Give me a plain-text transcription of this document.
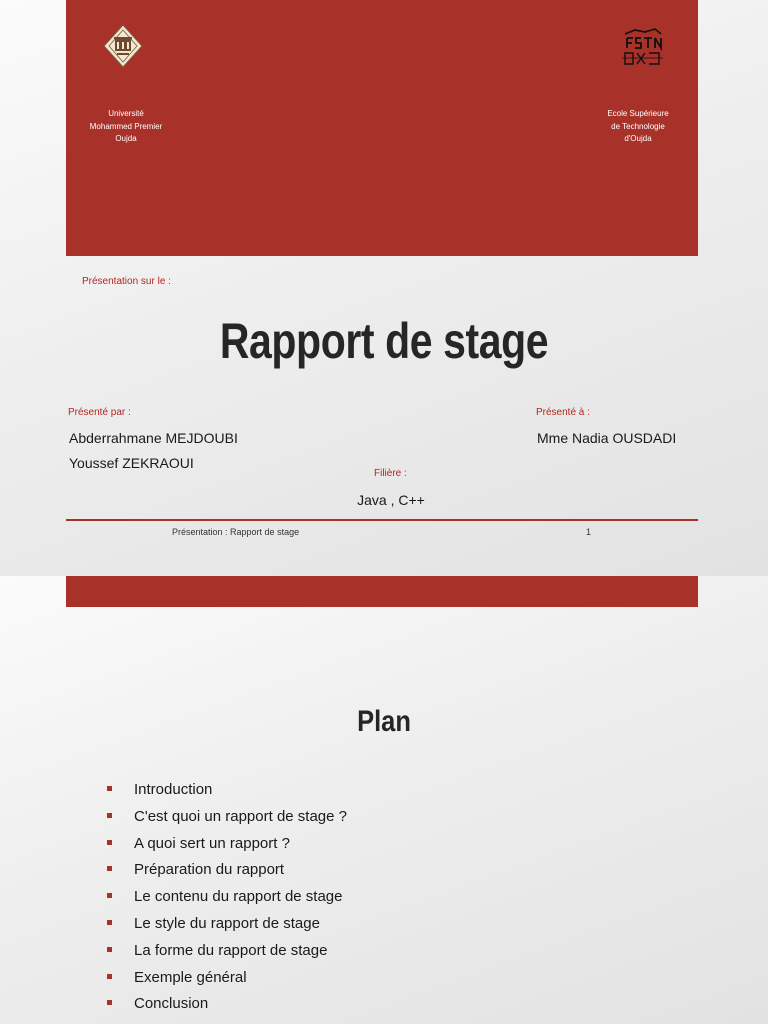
Université
Mohammed Premier
Oujda
Ecole Supérieure
de Technologie
d'Oujda
Présentation sur le :
Rapport de stage
Présenté par :
Abderrahmane MEJDOUBI
Youssef ZEKRAOUI
Présenté à :
Mme Nadia OUSDADI
Filière :
Java , C++
Présentation : Rapport de stage	1
Plan
Introduction
C'est quoi un rapport de stage ?
A quoi sert un rapport ?
Préparation du rapport
Le contenu du rapport de stage
Le style du rapport de stage
La forme du rapport de stage
Exemple général
Conclusion
